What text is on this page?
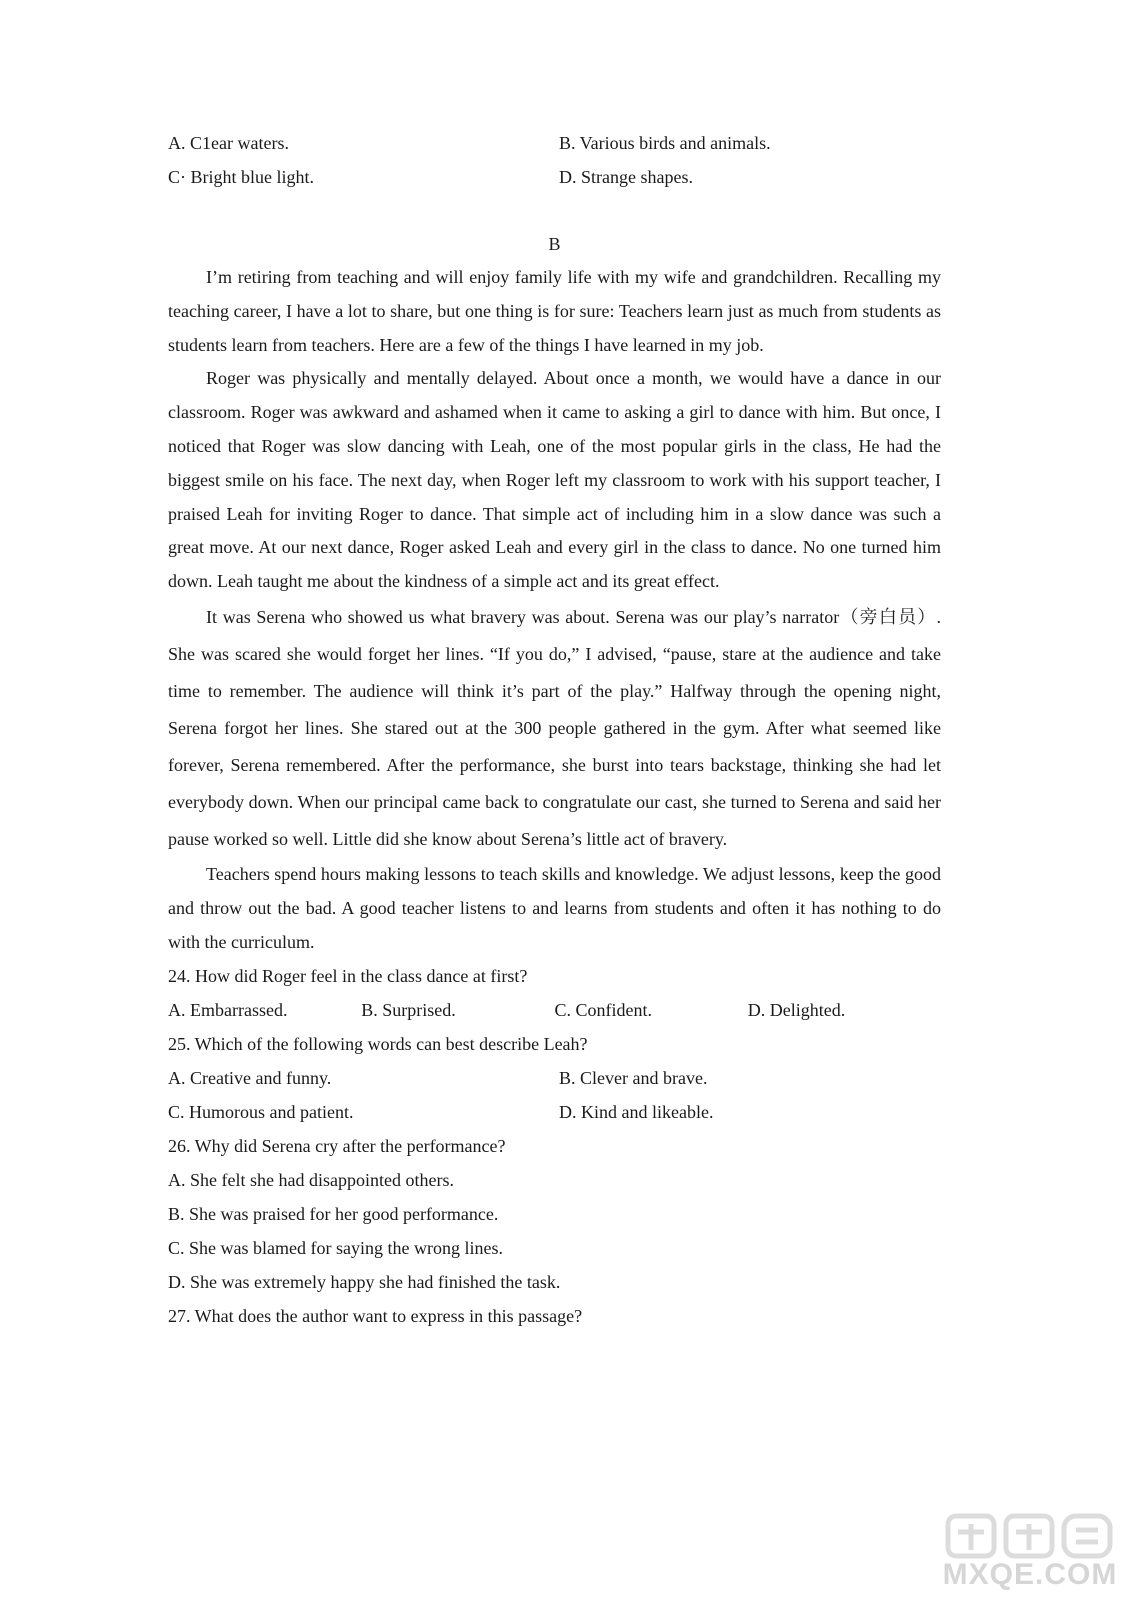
A. C1ear waters.	B. Various birds and animals.
C· Bright blue light.	D. Strange shapes.
B

I’m retiring from teaching and will enjoy family life with my wife and grandchildren. Recalling my teaching career, I have a lot to share, but one thing is for sure: Teachers learn just as much from students as students learn from teachers. Here are a few of the things I have learned in my job.

Roger was physically and mentally delayed. About once a month, we would have a dance in our classroom. Roger was awkward and ashamed when it came to asking a girl to dance with him. But once, I noticed that Roger was slow dancing with Leah, one of the most popular girls in the class, He had the biggest smile on his face. The next day, when Roger left my classroom to work with his support teacher, I praised Leah for inviting Roger to dance. That simple act of including him in a slow dance was such a great move. At our next dance, Roger asked Leah and every girl in the class to dance. No one turned him down. Leah taught me about the kindness of a simple act and its great effect.

It was Serena who showed us what bravery was about. Serena was our play’s narrator（旁白员）. She was scared she would forget her lines. “If you do,” I advised, “pause, stare at the audience and take time to remember. The audience will think it’s part of the play.” Halfway through the opening night, Serena forgot her lines. She stared out at the 300 people gathered in the gym. After what seemed like forever, Serena remembered. After the performance, she burst into tears backstage, thinking she had let everybody down. When our principal came back to congratulate our cast, she turned to Serena and said her pause worked so well. Little did she know about Serena’s little act of bravery.

Teachers spend hours making lessons to teach skills and knowledge. We adjust lessons, keep the good and throw out the bad. A good teacher listens to and learns from students and often it has nothing to do with the curriculum.

24. How did Roger feel in the class dance at first?
A. Embarrassed.	B. Surprised.	C. Confident.	D. Delighted.
25. Which of the following words can best describe Leah?
A. Creative and funny.	B. Clever and brave.
C. Humorous and patient.	D. Kind and likeable.
26. Why did Serena cry after the performance?
A. She felt she had disappointed others.
B. She was praised for her good performance.
C. She was blamed for saying the wrong lines.
D. She was extremely happy she had finished the task.
27. What does the author want to express in this passage?
MXQE.COM
